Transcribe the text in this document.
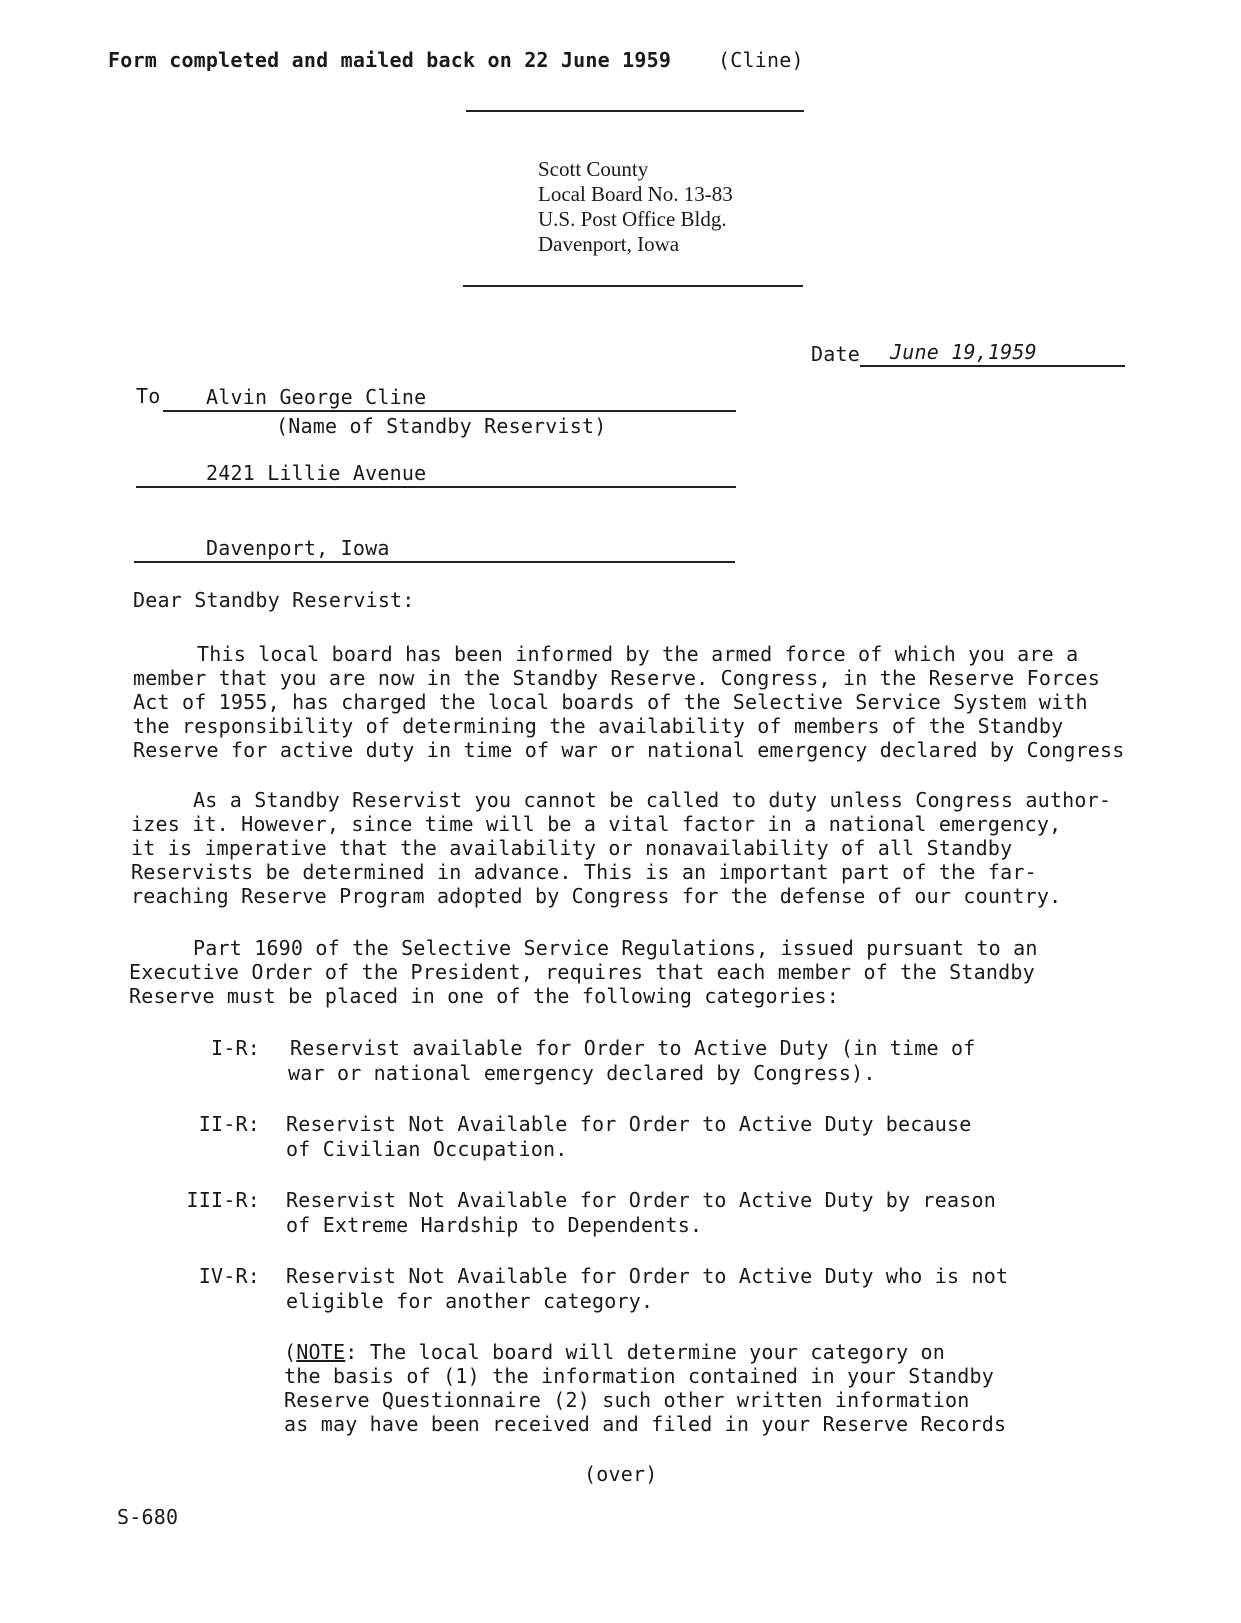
Form completed and mailed back on 22 June 1959 (Cline)
Scott County
Local Board No. 13-83
U.S. Post Office Bldg.
Davenport, Iowa
Date June 19,1959
To Alvin George Cline
(Name of Standby Reservist)
2421 Lillie Avenue
Davenport, Iowa
Dear Standby Reservist:
This local board has been informed by the armed force of which you are a
member that you are now in the Standby Reserve. Congress, in the Reserve Forces
Act of 1955, has charged the local boards of the Selective Service System with
the responsibility of determining the availability of members of the Standby
Reserve for active duty in time of war or national emergency declared by Congress
As a Standby Reservist you cannot be called to duty unless Congress author-
izes it. However, since time will be a vital factor in a national emergency,
it is imperative that the availability or nonavailability of all Standby
Reservists be determined in advance. This is an important part of the far-
reaching Reserve Program adopted by Congress for the defense of our country.
Part 1690 of the Selective Service Regulations, issued pursuant to an
Executive Order of the President, requires that each member of the Standby
Reserve must be placed in one of the following categories:
I-R: Reservist available for Order to Active Duty (in time of
war or national emergency declared by Congress).
II-R: Reservist Not Available for Order to Active Duty because
of Civilian Occupation.
III-R: Reservist Not Available for Order to Active Duty by reason
of Extreme Hardship to Dependents.
IV-R: Reservist Not Available for Order to Active Duty who is not
eligible for another category.
(NOTE: The local board will determine your category on
the basis of (1) the information contained in your Standby
Reserve Questionnaire (2) such other written information
as may have been received and filed in your Reserve Records
(over)
S-680
